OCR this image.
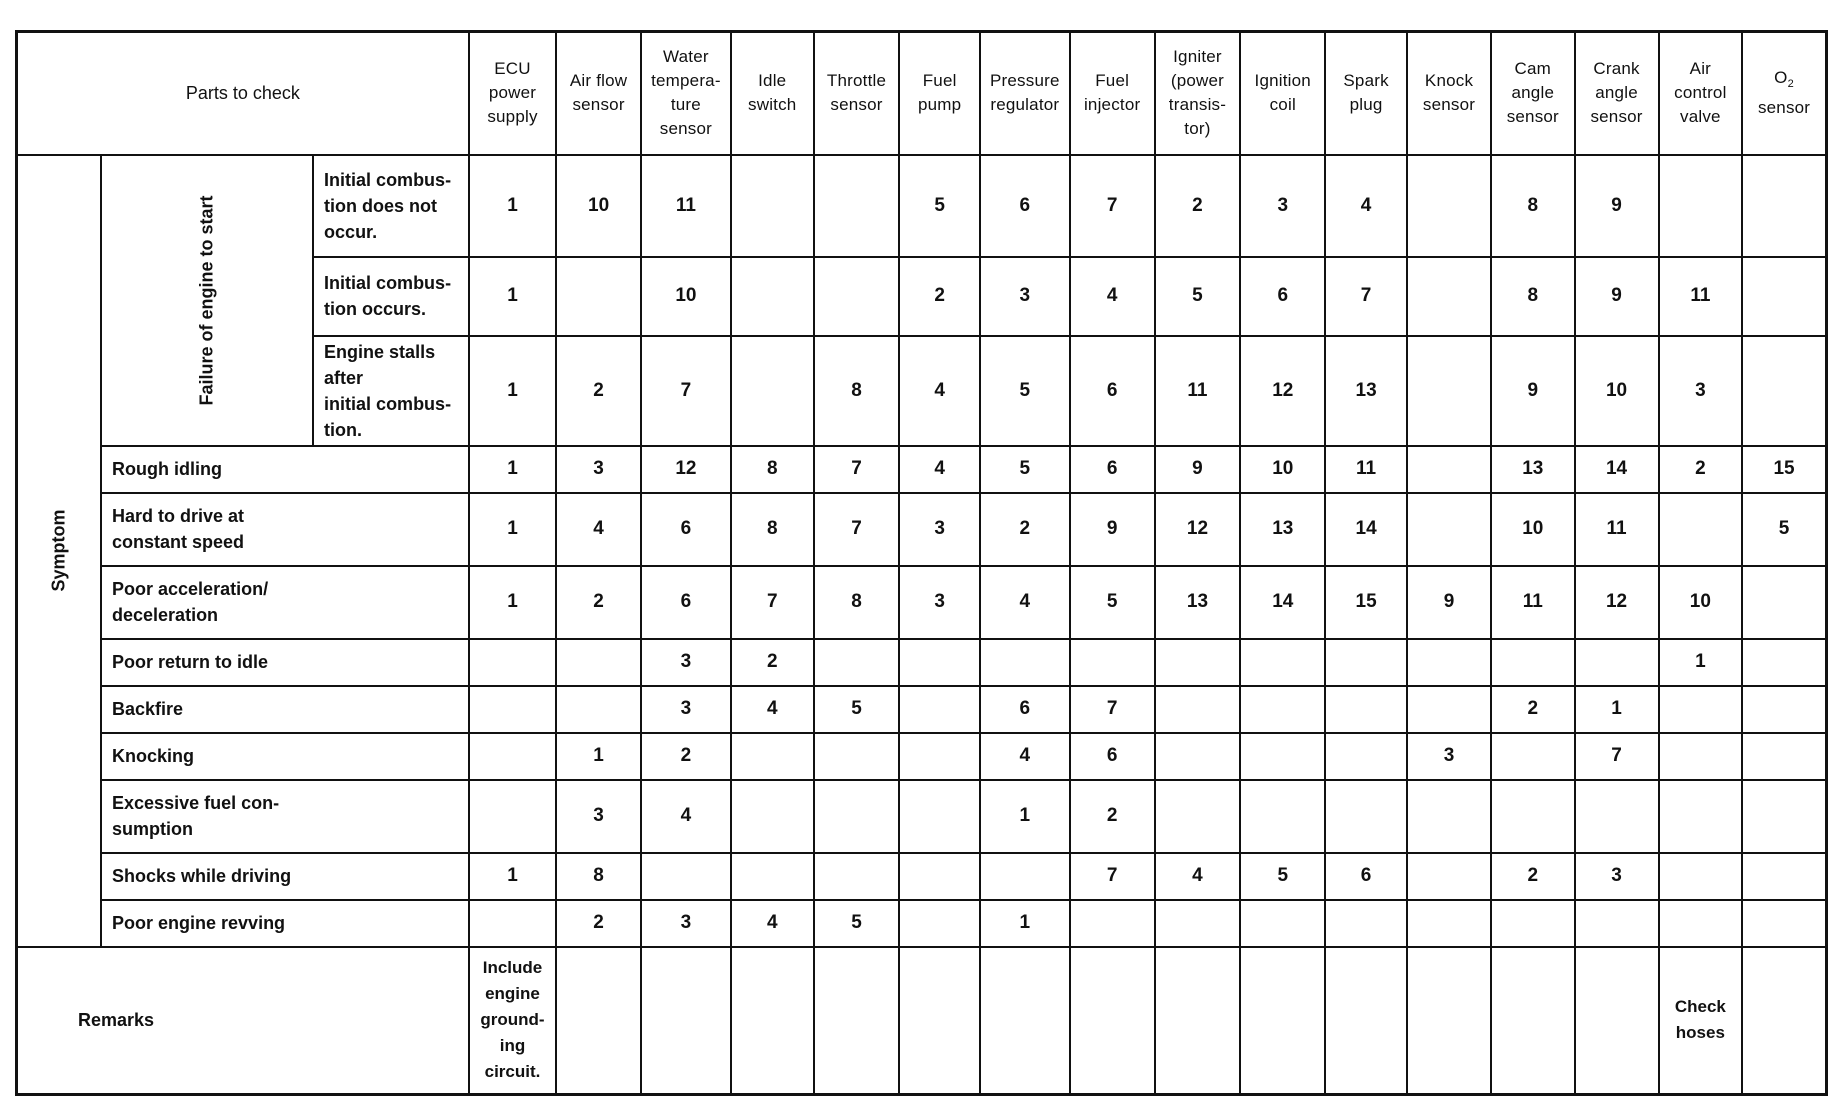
Parts to check			ECU
power
supply	Air flow
sensor	Water
tempera-
ture
sensor	Idle
switch	Throttle
sensor	Fuel
pump	Pressure
regulator	Fuel
injector	Igniter
(power
transis-
tor)	Ignition
coil	Spark
plug	Knock
sensor	Cam
angle
sensor	Crank
angle
sensor	Air
control
valve	$O_2$
sensor
Symptom	Failure of engine to start	Initial combus-
tion does not
occur.	1	10	11			5	6	7	2	3	4		8	9		
		Initial combus-
tion occurs.	1		10			2	3	4	5	6	7		8	9	11	
		Engine stalls after
initial combus-
tion.	1	2	7		8	4	5	6	11	12	13		9	10	3	
	Rough idling		1	3	12	8	7	4	5	6	9	10	11		13	14	2	15
	Hard to drive at
constant speed		1	4	6	8	7	3	2	9	12	13	14		10	11		5
	Poor acceleration/
deceleration		1	2	6	7	8	3	4	5	13	14	15	9	11	12	10	
	Poor return to idle				3	2											1	
	Backfire				3	4	5		6	7					2	1		
	Knocking			1	2				4	6				3		7		
	Excessive fuel con-
sumption			3	4				1	2								
	Shocks while driving		1	8						7	4	5	6		2	3		
	Poor engine revving			2	3	4	5		1									
Remarks			Include
engine
ground-
ing
circuit.														Check
hoses	
